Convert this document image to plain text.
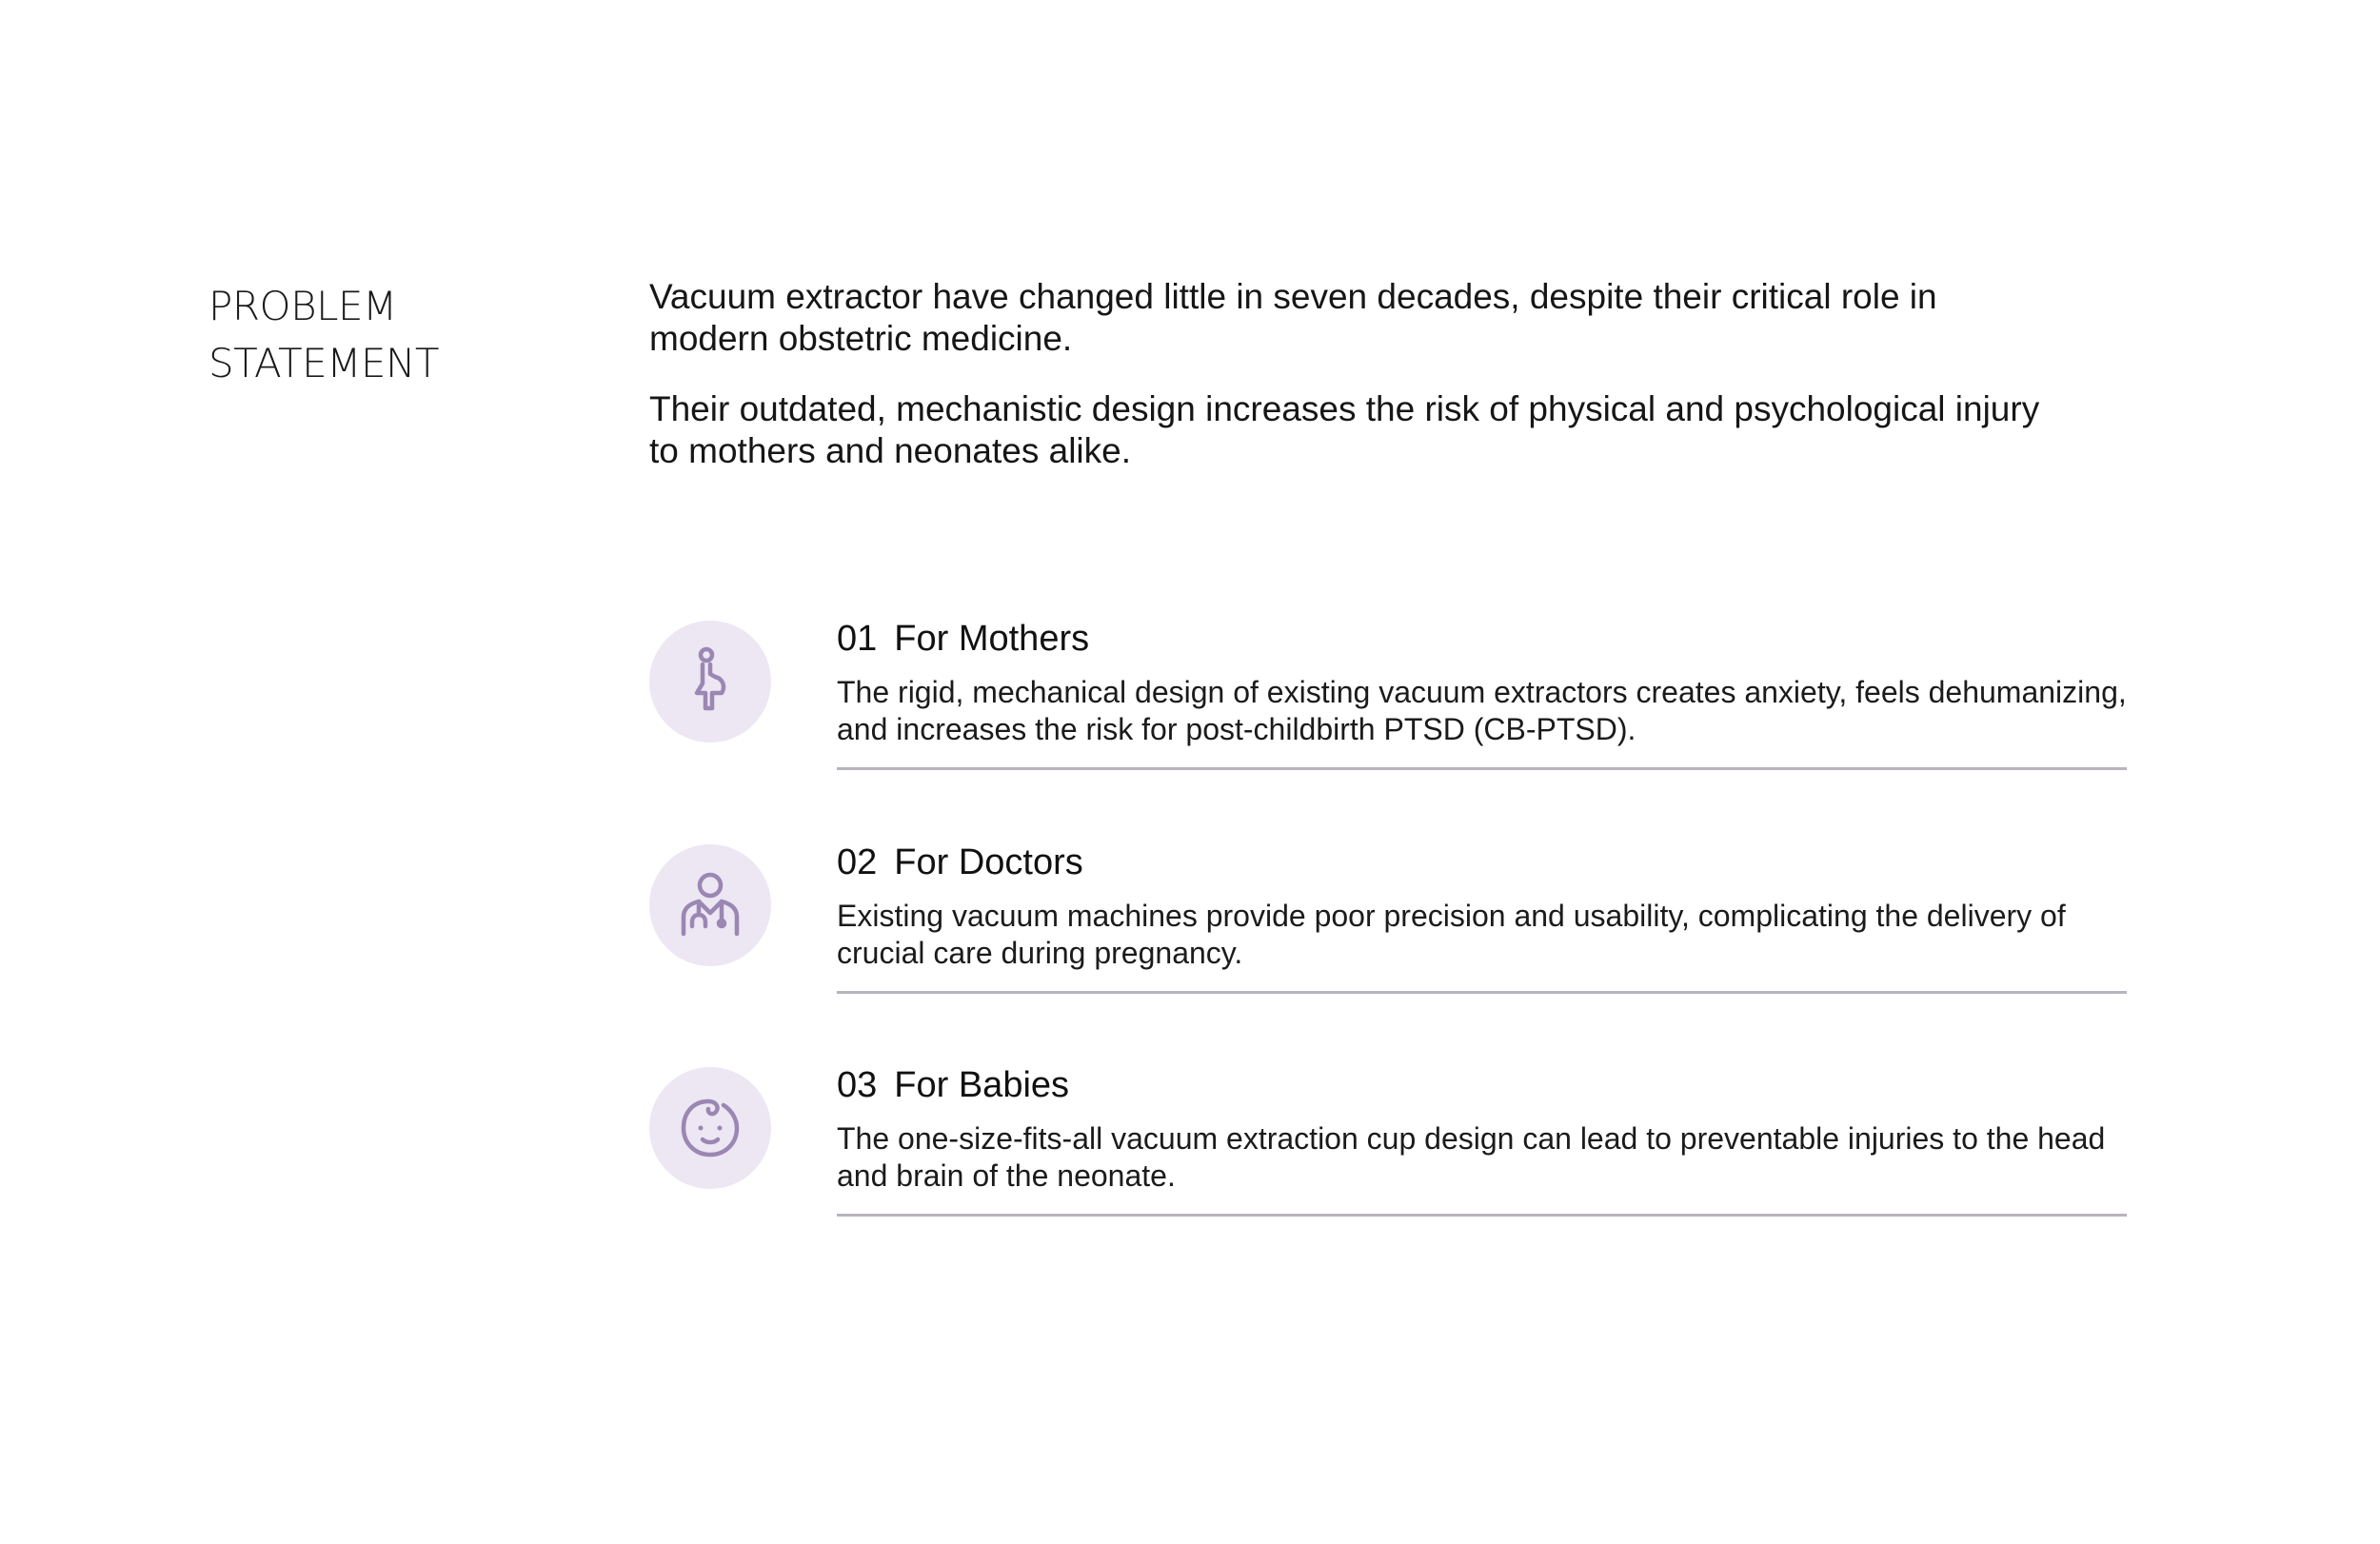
PROBLEM
STATEMENT

Vacuum extractor have changed little in seven decades, despite their critical role in modern obstetric medicine.

Their outdated, mechanistic design increases the risk of physical and psychological injury to mothers and neonates alike.

01 For Mothers

The rigid, mechanical design of existing vacuum extractors creates anxiety, feels dehumanizing, and increases the risk for post-childbirth PTSD (CB-PTSD).

02 For Doctors

Existing vacuum machines provide poor precision and usability, complicating the delivery of crucial care during pregnancy.

03 For Babies

The one-size-fits-all vacuum extraction cup design can lead to preventable injuries to the head and brain of the neonate.
